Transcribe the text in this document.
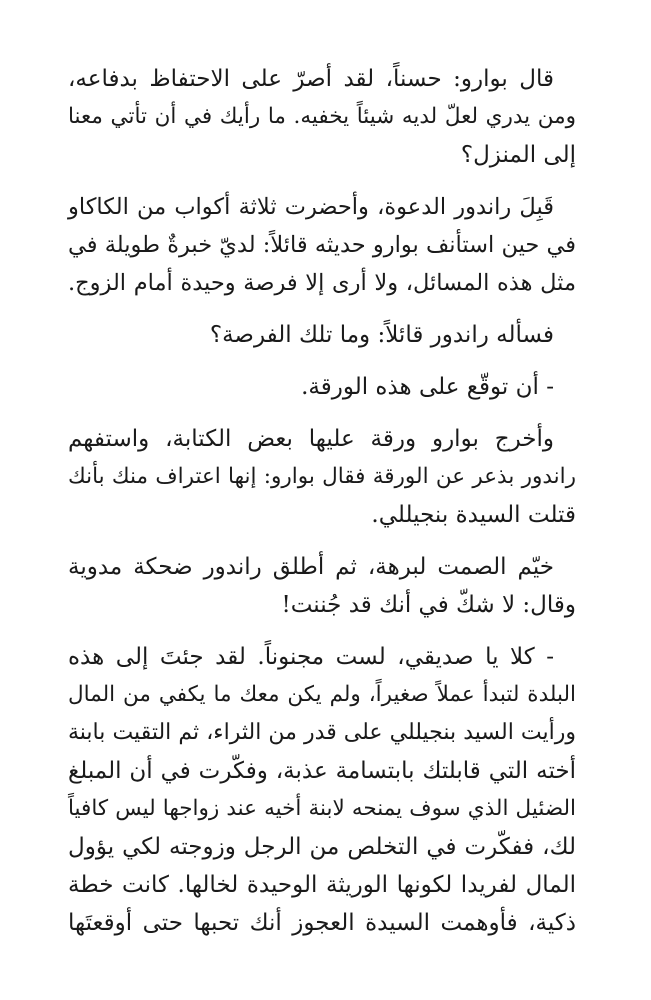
قال بوارو: حسناً، لقد أصرّ على الاحتفاظ بدفاعه،
ومن يدري لعلّ لديه شيئاً يخفيه. ما رأيك في أن تأتي معنا
إلى المنزل؟

قَبِلَ راندور الدعوة، وأحضرت ثلاثة أكواب من الكاكاو
في حين استأنف بوارو حديثه قائلاً: لديّ خبرةٌ طويلة في
مثل هذه المسائل، ولا أرى إلا فرصة وحيدة أمام الزوج.

فسأله راندور قائلاً: وما تلك الفرصة؟

- أن توقّع على هذه الورقة.

وأخرج بوارو ورقة عليها بعض الكتابة، واستفهم
راندور بذعر عن الورقة فقال بوارو: إنها اعتراف منك بأنك
قتلت السيدة بنجيللي.

خيّم الصمت لبرهة، ثم أطلق راندور ضحكة مدوية
وقال: لا شكّ في أنك قد جُننت!

- كلا يا صديقي، لست مجنوناً. لقد جئتَ إلى هذه
البلدة لتبدأ عملاً صغيراً، ولم يكن معك ما يكفي من المال
ورأيت السيد بنجيللي على قدر من الثراء، ثم التقيت بابنة
أخته التي قابلتك بابتسامة عذبة، وفكّرت في أن المبلغ
الضئيل الذي سوف يمنحه لابنة أخيه عند زواجها ليس كافياً
لك، ففكّرت في التخلص من الرجل وزوجته لكي يؤول
المال لفريدا لكونها الوريثة الوحيدة لخالها. كانت خطة
ذكية، فأوهمت السيدة العجوز أنك تحبها حتى أوقعتَها
